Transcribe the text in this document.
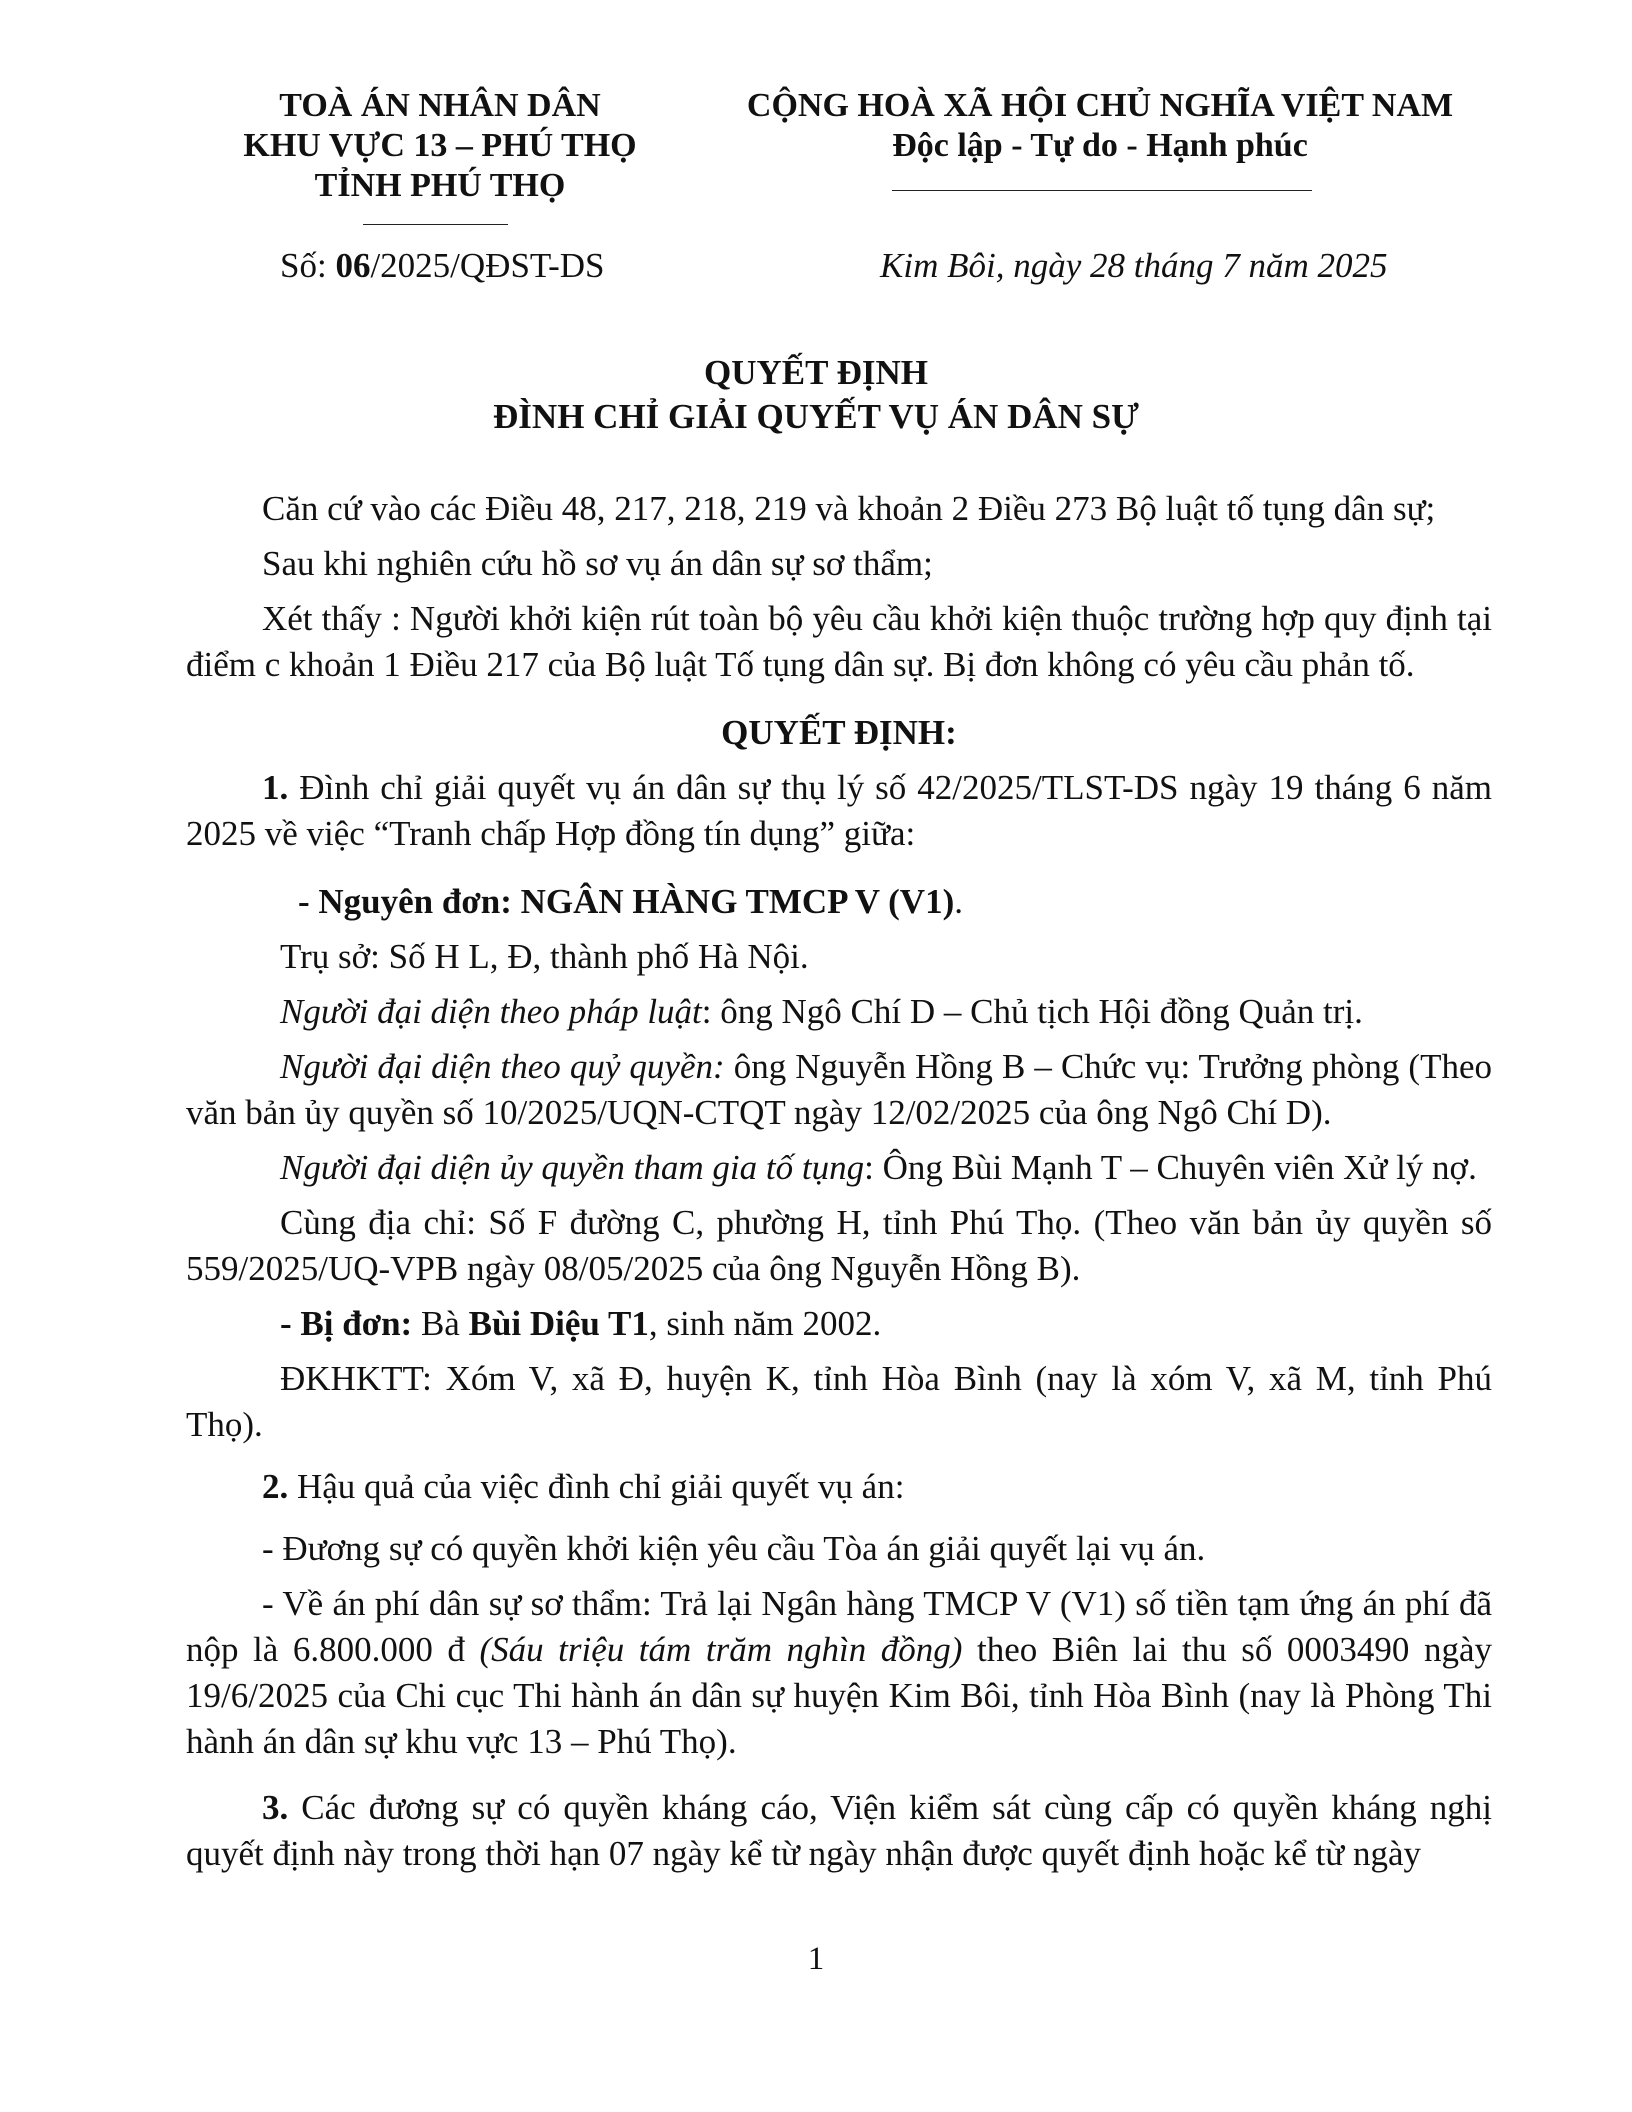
TOÀ ÁN NHÂN DÂN
KHU VỰC 13 – PHÚ THỌ
TỈNH PHÚ THỌ
CỘNG HOÀ XÃ HỘI CHỦ NGHĨA VIỆT NAM
Độc lập - Tự do - Hạnh phúc
Số: 06/2025/QĐST-DS	Kim Bôi, ngày 28 tháng 7 năm 2025
QUYẾT ĐỊNH
ĐÌNH CHỈ GIẢI QUYẾT VỤ ÁN DÂN SỰ

Căn cứ vào các Điều 48, 217, 218, 219 và khoản 2 Điều 273 Bộ luật tố tụng dân sự;

Sau khi nghiên cứu hồ sơ vụ án dân sự sơ thẩm;

Xét thấy : Người khởi kiện rút toàn bộ yêu cầu khởi kiện thuộc trường hợp quy định tại điểm c khoản 1 Điều 217 của Bộ luật Tố tụng dân sự. Bị đơn không có yêu cầu phản tố.

QUYẾT ĐỊNH:

1. Đình chỉ giải quyết vụ án dân sự thụ lý số 42/2025/TLST-DS ngày 19 tháng 6 năm 2025 về việc “Tranh chấp Hợp đồng tín dụng” giữa:

- Nguyên đơn: NGÂN HÀNG TMCP V (V1).

Trụ sở: Số H L, Đ, thành phố Hà Nội.

Người đại diện theo pháp luật: ông Ngô Chí D – Chủ tịch Hội đồng Quản trị.

Người đại diện theo quỷ quyền: ông Nguyễn Hồng B – Chức vụ: Trưởng phòng (Theo văn bản ủy quyền số 10/2025/UQN-CTQT ngày 12/02/2025 của ông Ngô Chí D).

Người đại diện ủy quyền tham gia tố tụng: Ông Bùi Mạnh T – Chuyên viên Xử lý nợ.

Cùng địa chỉ: Số F đường C, phường H, tỉnh Phú Thọ. (Theo văn bản ủy quyền số 559/2025/UQ-VPB ngày 08/05/2025 của ông Nguyễn Hồng B).

- Bị đơn: Bà Bùi Diệu T1, sinh năm 2002.

ĐKHKTT: Xóm V, xã Đ, huyện K, tỉnh Hòa Bình (nay là xóm V, xã M, tỉnh Phú Thọ).

2. Hậu quả của việc đình chỉ giải quyết vụ án:

- Đương sự có quyền khởi kiện yêu cầu Tòa án giải quyết lại vụ án.

- Về án phí dân sự sơ thẩm: Trả lại Ngân hàng TMCP V (V1) số tiền tạm ứng án phí đã nộp là 6.800.000 đ (Sáu triệu tám trăm nghìn đồng) theo Biên lai thu số 0003490 ngày 19/6/2025 của Chi cục Thi hành án dân sự huyện Kim Bôi, tỉnh Hòa Bình (nay là Phòng Thi hành án dân sự khu vực 13 – Phú Thọ).

3. Các đương sự có quyền kháng cáo, Viện kiểm sát cùng cấp có quyền kháng nghị quyết định này trong thời hạn 07 ngày kể từ ngày nhận được quyết định hoặc kể từ ngày

1
